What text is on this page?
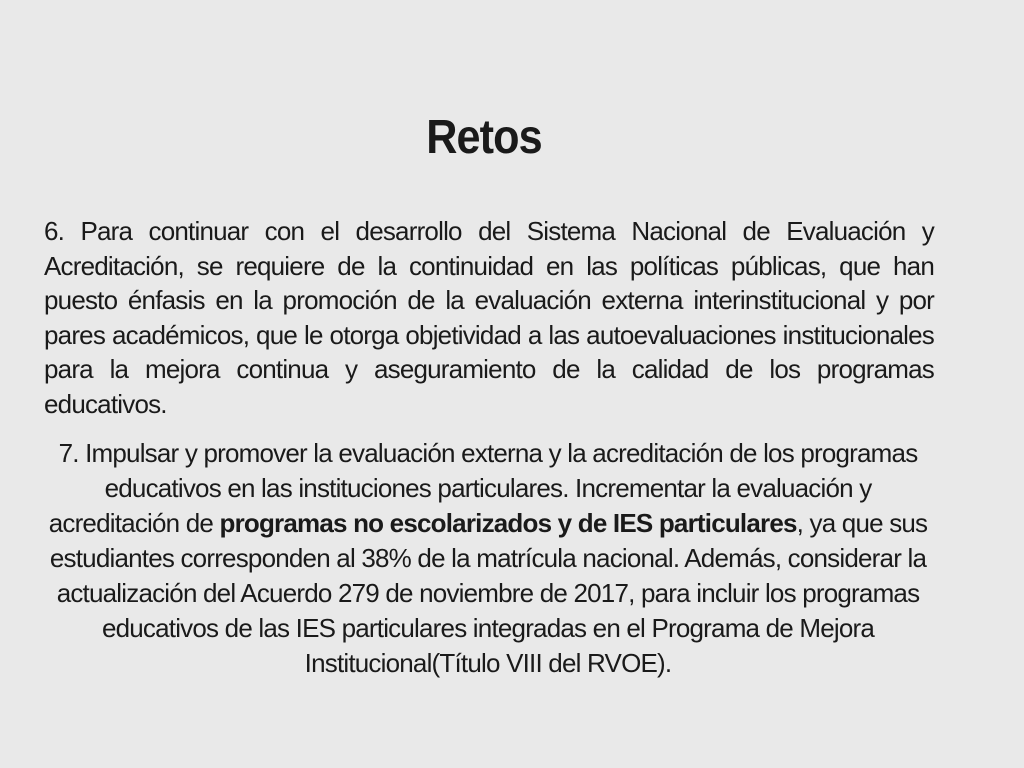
Retos

6. Para continuar con el desarrollo del Sistema Nacional de Evaluación y Acreditación, se requiere de la continuidad en las políticas públicas, que han puesto énfasis en la promoción de la evaluación externa interinstitucional y por pares académicos, que le otorga objetividad a las autoevaluaciones institucionales para la mejora continua y aseguramiento de la calidad de los programas educativos.

7. Impulsar y promover la evaluación externa y la acreditación de los programas educativos en las instituciones particulares. Incrementar la evaluación y acreditación de programas no escolarizados y de IES particulares, ya que sus estudiantes corresponden al 38% de la matrícula nacional. Además, considerar la actualización del Acuerdo 279 de noviembre de 2017, para incluir los programas educativos de las IES particulares integradas en el Programa de Mejora Institucional(Título VIII del RVOE).
